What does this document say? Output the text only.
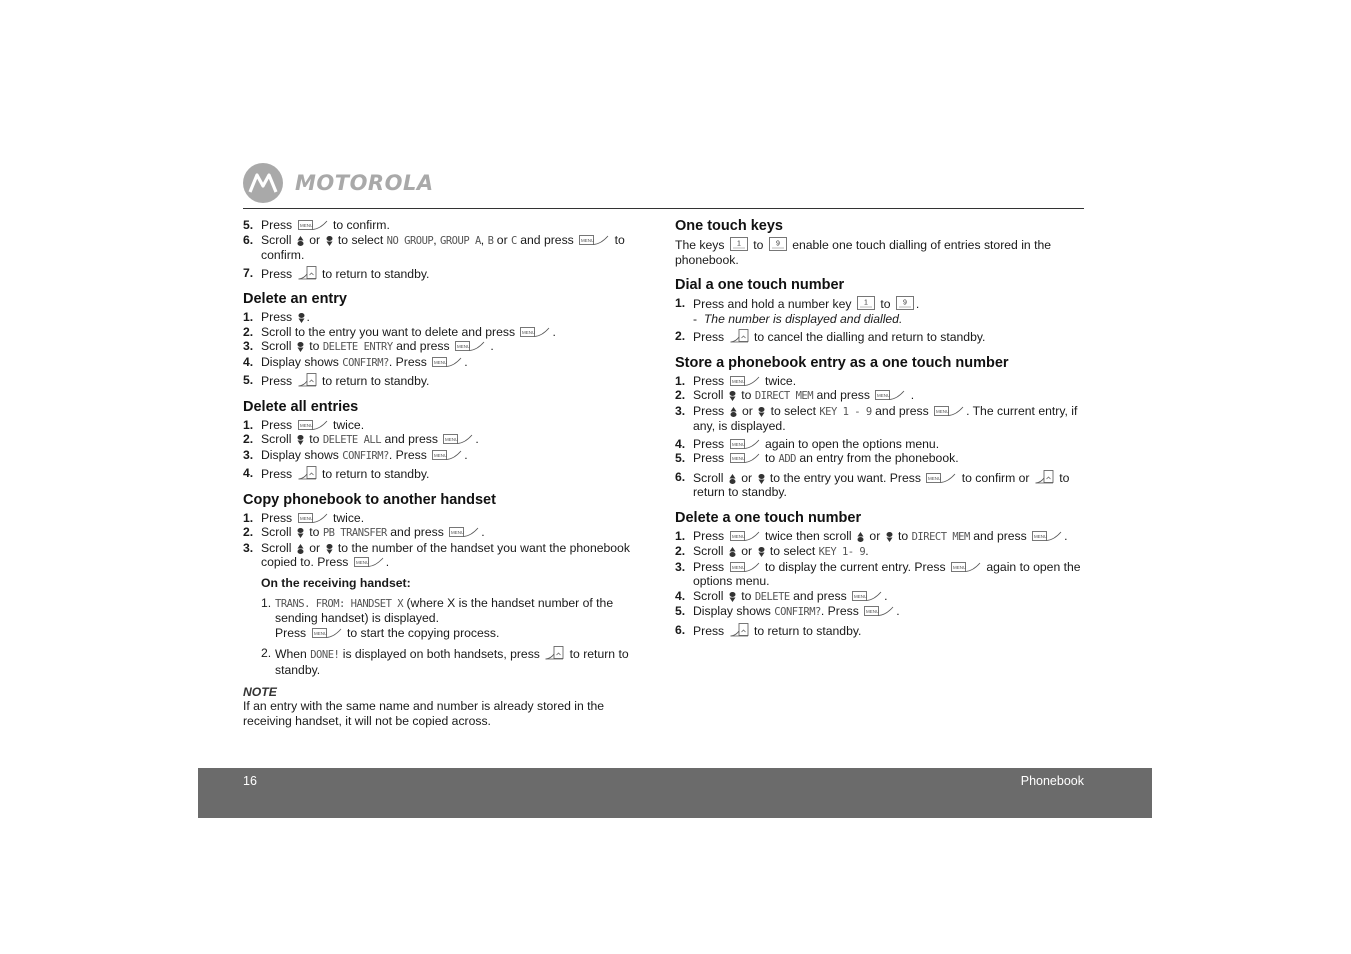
MOTOROLA
5. Press	to confirm.
6. Scroll or to select NO GROUP, GROUP A, B or C and press	to confirm.
7. Press to return to standby.
Delete an entry
1. Press .
2. Scroll to the entry you want to delete and press	.
3. Scroll to DELETE ENTRY and press	.
4. Display shows CONFIRM?. Press	.
5. Press to return to standby.
Delete all entries
1. Press	twice.
2. Scroll to DELETE ALL and press	.
3. Display shows CONFIRM?. Press	.
4. Press to return to standby.
Copy phonebook to another handset
1. Press	twice.
2. Scroll to PB TRANSFER and press	.
3. Scroll or to the number of the handset you want the phonebook copied to. Press	.
On the receiving handset:
1. TRANS. FROM: HANDSET X (where X is the handset number of the sending handset) is displayed.
Press	to start the copying process.
2. When DONE! is displayed on both handsets, press to return to standby.
NOTE
If an entry with the same name and number is already stored in the receiving handset, it will not be copied across.
One touch keys

The keys 1 to 9 enable one touch dialling of entries stored in the phonebook.

Dial a one touch number
1. Press and hold a number key 1 to 9 .
- The number is displayed and dialled.
2. Press to cancel the dialling and return to standby.
Store a phonebook entry as a one touch number
1. Press	twice.
2. Scroll to DIRECT MEM and press	.
3. Press or to select KEY 1 - 9 and press	. The current entry, if any, is displayed.
4. Press	again to open the options menu.
5. Press	to ADD an entry from the phonebook.
6. Scroll or to the entry you want. Press	to confirm or to return to standby.
Delete a one touch number
1. Press	twice then scroll or to DIRECT MEM and press	.
2. Scroll or to select KEY 1- 9.
3. Press	to display the current entry. Press	again to open the options menu.
4. Scroll to DELETE and press	.
5. Display shows CONFIRM?. Press	.
6. Press to return to standby.
16	Phonebook
